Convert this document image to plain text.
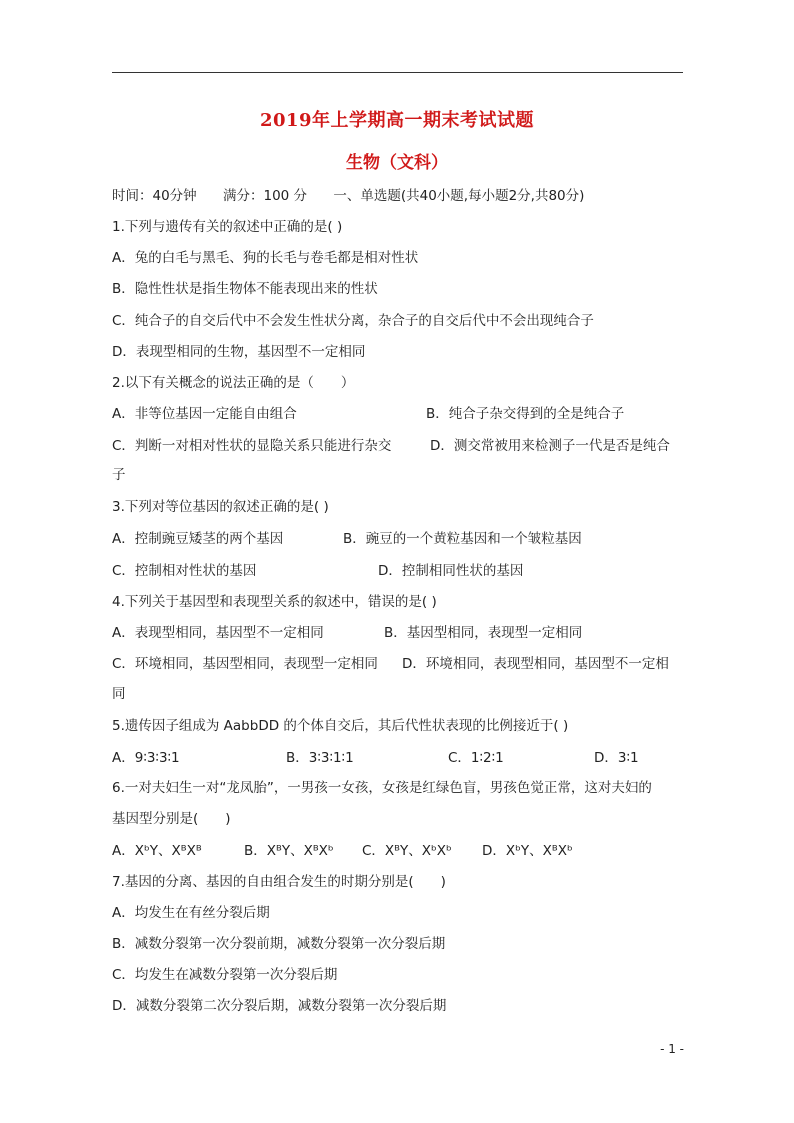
2019年上学期高一期末考试试题
生物（文科）
时间：40分钟 满分：100 分 一、单选题(共40小题,每小题2分,共80分)
1.下列与遗传有关的叙述中正确的是( )
A．兔的白毛与黑毛、狗的长毛与卷毛都是相对性状
B．隐性性状是指生物体不能表现出来的性状
C．纯合子的自交后代中不会发生性状分离，杂合子的自交后代中不会出现纯合子
D．表现型相同的生物，基因型不一定相同
2.以下有关概念的说法正确的是（　　）
A．非等位基因一定能自由组合	B．纯合子杂交得到的全是纯合子
C．判断一对相对性状的显隐关系只能进行杂交	D．测交常被用来检测子一代是否是纯合
子
3.下列对等位基因的叙述正确的是( )
A．控制豌豆矮茎的两个基因	B．豌豆的一个黄粒基因和一个皱粒基因
C．控制相对性状的基因	D．控制相同性状的基因
4.下列关于基因型和表现型关系的叙述中，错误的是( )
A．表现型相同，基因型不一定相同	B．基因型相同，表现型一定相同
C．环境相同，基因型相同，表现型一定相同 D．环境相同，表现型相同，基因型不一定相
同
5.遗传因子组成为 AabbDD 的个体自交后，其后代性状表现的比例接近于( )
A．9∶3∶3∶1	B．3∶3∶1∶1	C．1∶2∶1	D．3∶1
6.一对夫妇生一对“龙凤胎”，一男孩一女孩，女孩是红绿色盲，男孩色觉正常，这对夫妇的
基因型分别是(　　)
A．XᵇY、XᴮXᴮ	B．XᴮY、XᴮXᵇ C．XᴮY、XᵇXᵇ D．XᵇY、XᴮXᵇ
7.基因的分离、基因的自由组合发生的时期分别是(　　)
A．均发生在有丝分裂后期
B．减数分裂第一次分裂前期，减数分裂第一次分裂后期
C．均发生在减数分裂第一次分裂后期
D．减数分裂第二次分裂后期，减数分裂第一次分裂后期
- 1 -
